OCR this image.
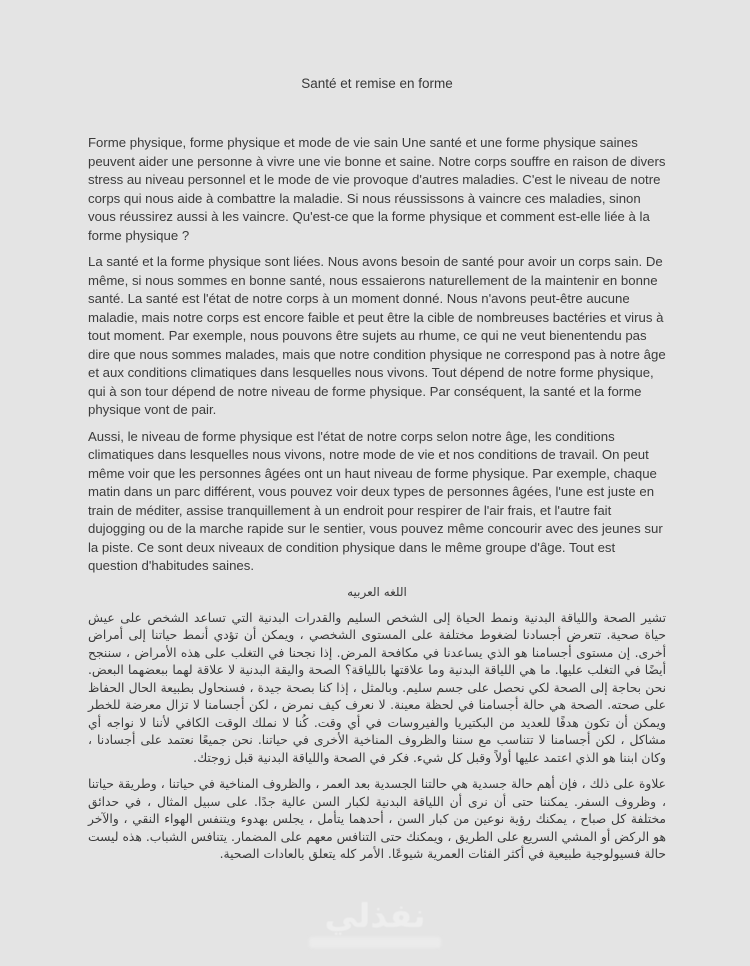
Santé et remise en forme

Forme physique, forme physique et mode de vie sain Une santé et une forme physique saines peuvent aider une personne à vivre une vie bonne et saine. Notre corps souffre en raison de divers stress au niveau personnel et le mode de vie provoque d'autres maladies. C'est le niveau de notre corps qui nous aide à combattre la maladie. Si nous réussissons à vaincre ces maladies, sinon vous réussirez aussi à les vaincre. Qu'est-ce que la forme physique et comment est-elle liée à la forme physique ?

La santé et la forme physique sont liées. Nous avons besoin de santé pour avoir un corps sain. De même, si nous sommes en bonne santé, nous essaierons naturellement de la maintenir en bonne santé. La santé est l'état de notre corps à un moment donné. Nous n'avons peut-être aucune maladie, mais notre corps est encore faible et peut être la cible de nombreuses bactéries et virus à tout moment. Par exemple, nous pouvons être sujets au rhume, ce qui ne veut bienentendu pas dire que nous sommes malades, mais que notre condition physique ne correspond pas à notre âge et aux conditions climatiques dans lesquelles nous vivons. Tout dépend de notre forme physique, qui à son tour dépend de notre niveau de forme physique. Par conséquent, la santé et la forme physique vont de pair.

Aussi, le niveau de forme physique est l'état de notre corps selon notre âge, les conditions climatiques dans lesquelles nous vivons, notre mode de vie et nos conditions de travail. On peut même voir que les personnes âgées ont un haut niveau de forme physique. Par exemple, chaque matin dans un parc différent, vous pouvez voir deux types de personnes âgées, l'une est juste en train de méditer, assise tranquillement à un endroit pour respirer de l'air frais, et l'autre fait dujogging ou de la marche rapide sur le sentier, vous pouvez même concourir avec des jeunes sur la piste. Ce sont deux niveaux de condition physique dans le même groupe d'âge. Tout est question d'habitudes saines.

اللغه العربيه

تشير الصحة واللياقة البدنية ونمط الحياة إلى الشخص السليم والقدرات البدنية التي تساعد الشخص على عيش حياة صحية. تتعرض أجسادنا لضغوط مختلفة على المستوى الشخصي ، ويمكن أن تؤدي أنمط حياتنا إلى أمراض أخرى. إن مستوى أجسامنا هو الذي يساعدنا في مكافحة المرض. إذا نجحنا في التغلب على هذه الأمراض ، سننجح أيضًا في التغلب عليها. ما هي اللياقة البدنية وما علاقتها باللياقة؟ الصحة واليقة البدنية لا علاقة لهما ببعضهما البعض. نحن بحاجة إلى الصحة لكي نحصل على جسم سليم. وبالمثل ، إذا كنا بصحة جيدة ، فسنحاول بطبيعة الحال الحفاظ على صحته. الصحة هي حالة أجسامنا في لحظة معينة. لا نعرف كيف نمرض ، لكن أجسامنا لا تزال معرضة للخطر ويمكن أن تكون هدفًا للعديد من البكتيريا والفيروسات في أي وقت. كُنا لا نملك الوقت الكافي لأننا لا نواجه أي مشاكل ، لكن أجسامنا لا تتناسب مع سننا والظروف المناخية الأخرى في حياتنا. نحن جميعًا نعتمد على أجسادنا ، وكان ابننا هو الذي اعتمد عليها أولاً وقبل كل شيء. فكر في الصحة واللياقة البدنية قبل زوجتك.

علاوة على ذلك ، فإن أهم حالة جسدية هي حالتنا الجسدية بعد العمر ، والظروف المناخية في حياتنا ، وطريقة حياتنا ، وظروف السفر. يمكننا حتى أن نرى أن اللياقة البدنية لكبار السن عالية جدًا. على سبيل المثال ، في حدائق مختلفة كل صباح ، يمكنك رؤية نوعين من كبار السن ، أحدهما يتأمل ، يجلس بهدوء ويتنفس الهواء النقي ، والآخر هو الركض أو المشي السريع على الطريق ، ويمكنك حتى التنافس معهم على المضمار. يتنافس الشباب. هذه ليست حالة فسيولوجية طبيعية في أكثر الفئات العمرية شيوعًا. الأمر كله يتعلق بالعادات الصحية.

نفذلي
